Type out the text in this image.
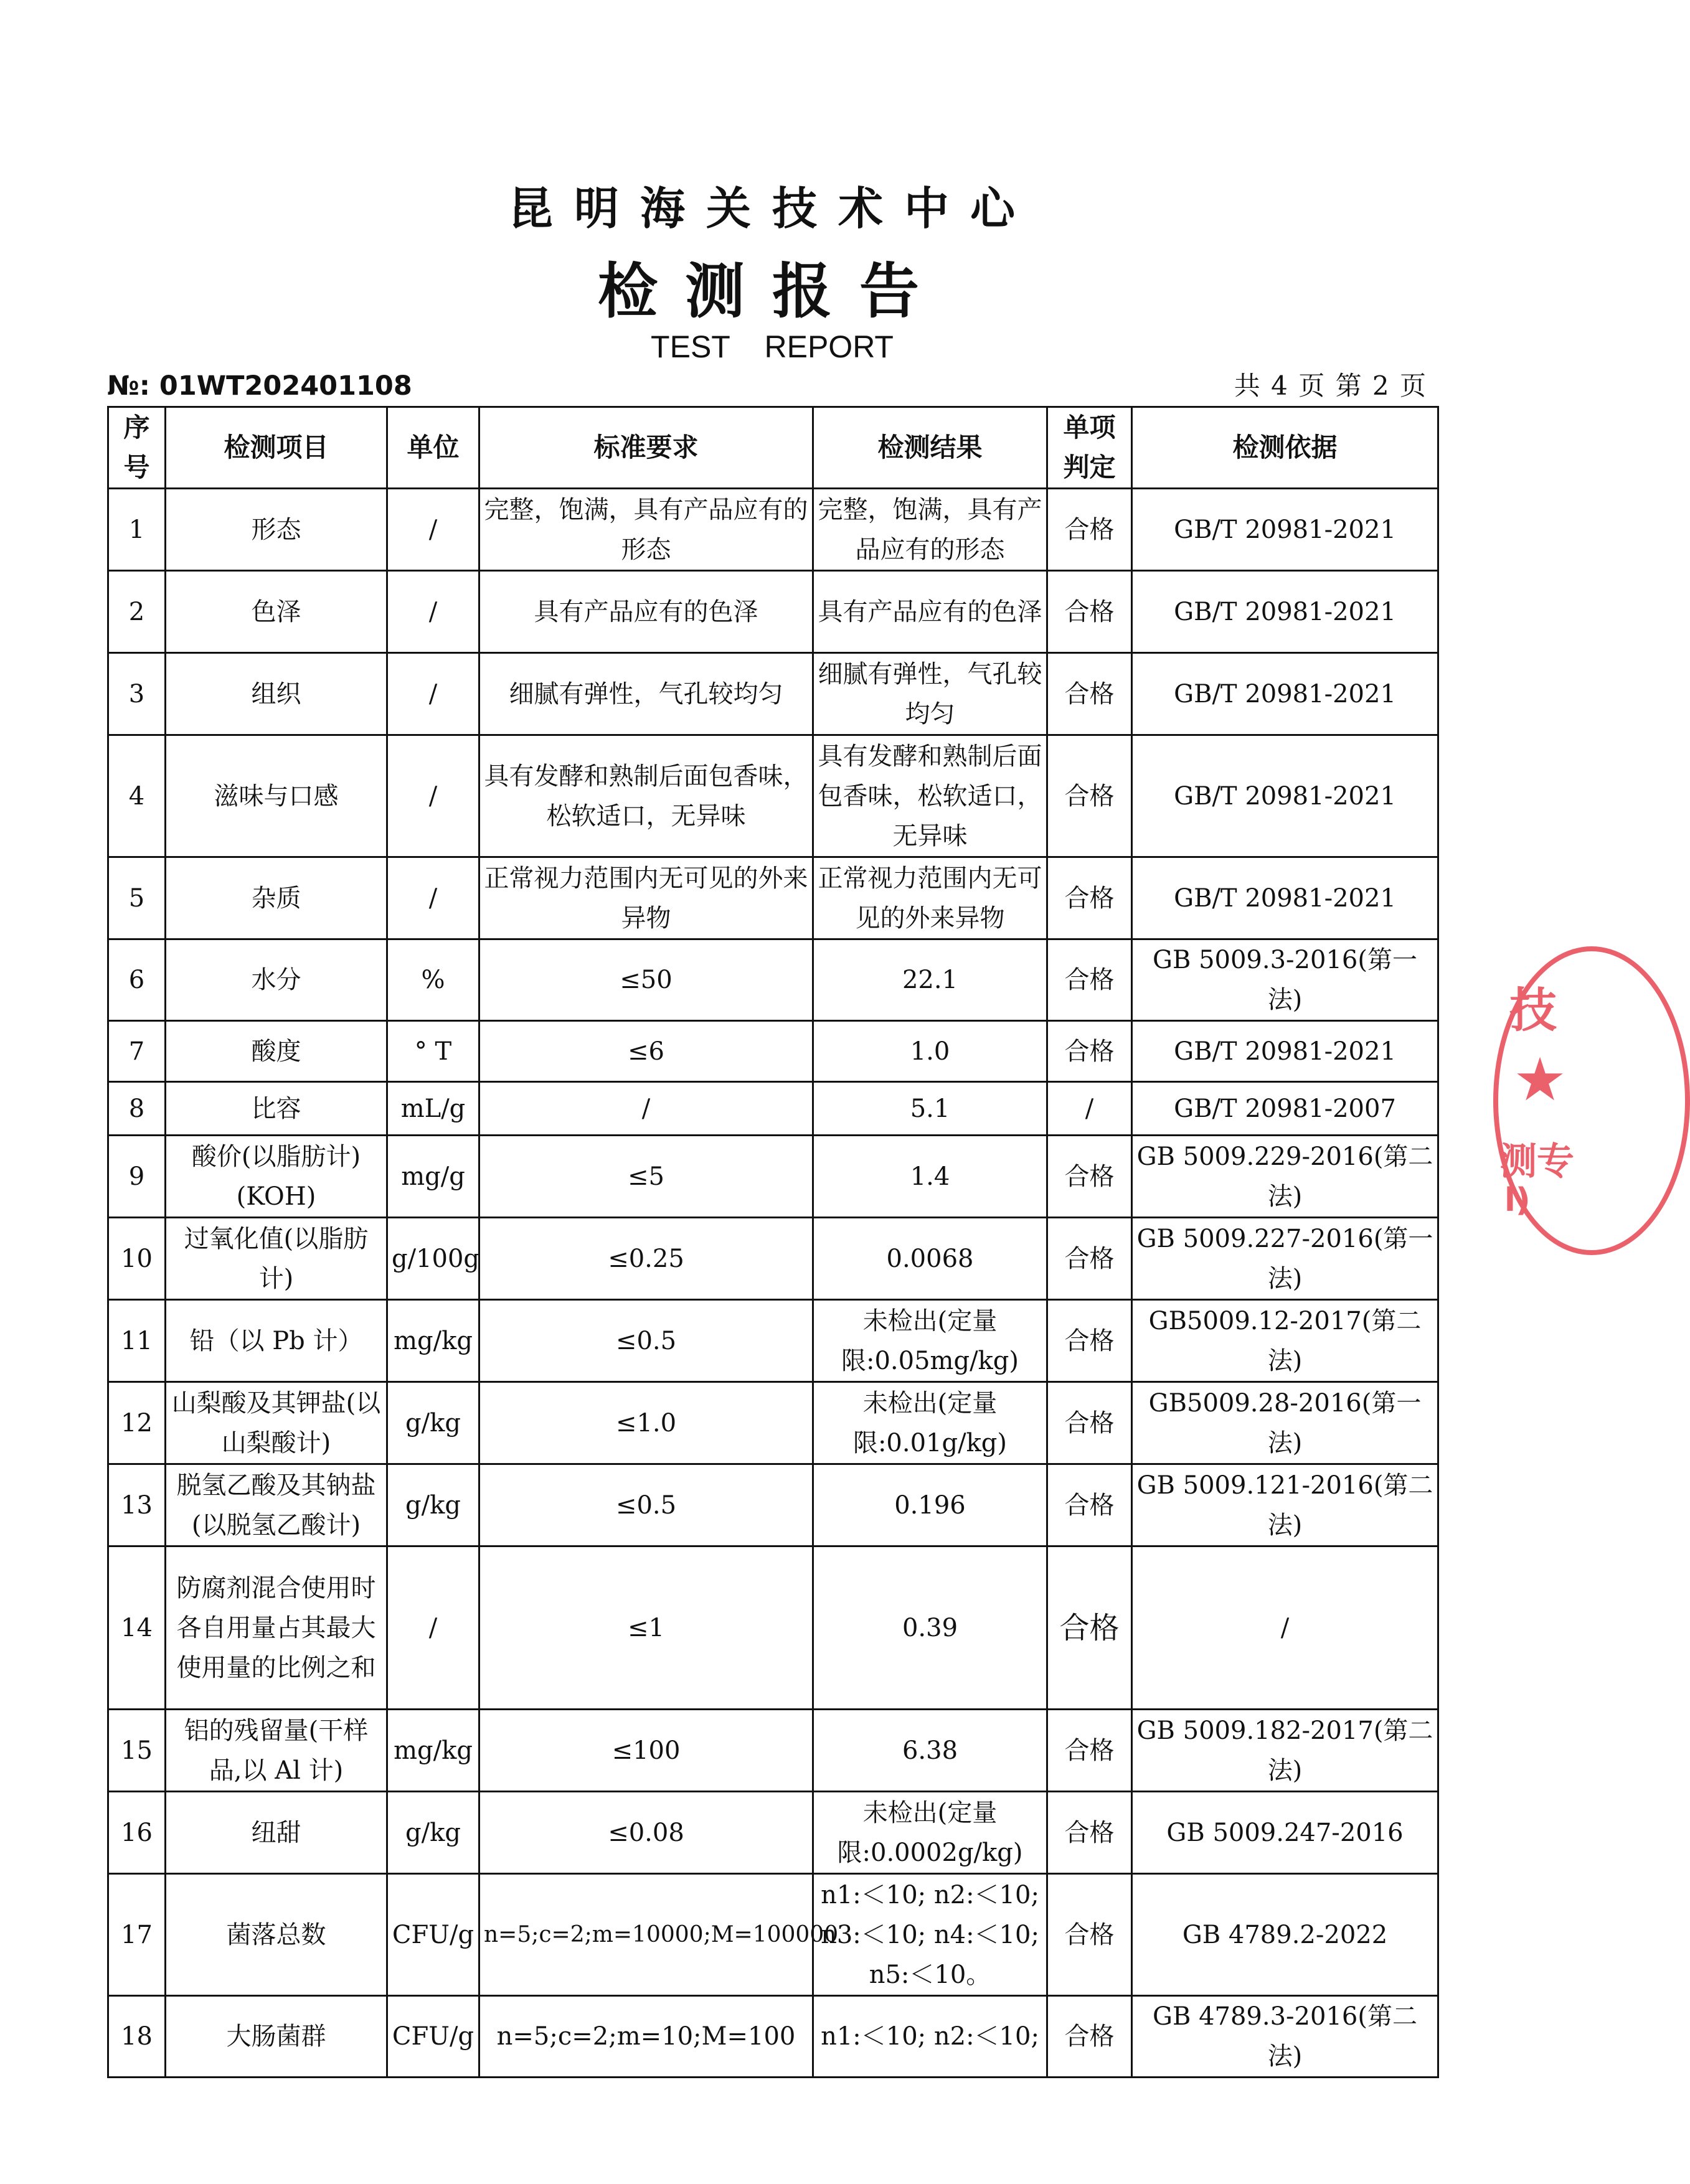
昆明海关技术中心
检测报告
TEST    REPORT
№: 01WT202401108	共 4 页 第 2 页
序号	检测项目	单位	标准要求	检测结果	单项判定	检测依据
1	形态	/	完整，饱满，具有产品应有的形态	完整，饱满，具有产品应有的形态	合格	GB/T 20981-2021
2	色泽	/	具有产品应有的色泽	具有产品应有的色泽	合格	GB/T 20981-2021
3	组织	/	细腻有弹性，气孔较均匀	细腻有弹性，气孔较均匀	合格	GB/T 20981-2021
4	滋味与口感	/	具有发酵和熟制后面包香味，松软适口，无异味	具有发酵和熟制后面包香味，松软适口，无异味	合格	GB/T 20981-2021
5	杂质	/	正常视力范围内无可见的外来异物	正常视力范围内无可见的外来异物	合格	GB/T 20981-2021
6	水分	%	≤50	22.1	合格	GB 5009.3-2016(第一法)
7	酸度	° T	≤6	1.0	合格	GB/T 20981-2021
8	比容	mL/g	/	5.1	/	GB/T 20981-2007
9	酸价(以脂肪计)(KOH)	mg/g	≤5	1.4	合格	GB 5009.229-2016(第二法)
10	过氧化值(以脂肪计)	g/100g	≤0.25	0.0068	合格	GB 5009.227-2016(第一法)
11	铅（以 Pb 计）	mg/kg	≤0.5	未检出(定量限:0.05mg/kg)	合格	GB5009.12-2017(第二法)
12	山梨酸及其钾盐(以山梨酸计)	g/kg	≤1.0	未检出(定量限:0.01g/kg)	合格	GB5009.28-2016(第一法)
13	脱氢乙酸及其钠盐(以脱氢乙酸计)	g/kg	≤0.5	0.196	合格	GB 5009.121-2016(第二法)
14	防腐剂混合使用时各自用量占其最大使用量的比例之和	/	≤1	0.39	合格	/
15	铝的残留量(干样品,以 Al 计)	mg/kg	≤100	6.38	合格	GB 5009.182-2017(第二法)
16	纽甜	g/kg	≤0.08	未检出(定量限:0.0002g/kg)	合格	GB 5009.247-2016
17	菌落总数	CFU/g	n=5;c=2;m=10000;M=100000	n1:＜10; n2:＜10; n3:＜10; n4:＜10; n5:＜10。	合格	GB 4789.2-2022
18	大肠菌群	CFU/g	n=5;c=2;m=10;M=100	n1:＜10; n2:＜10;	合格	GB 4789.3-2016(第二法)
技
★
测专
l)
